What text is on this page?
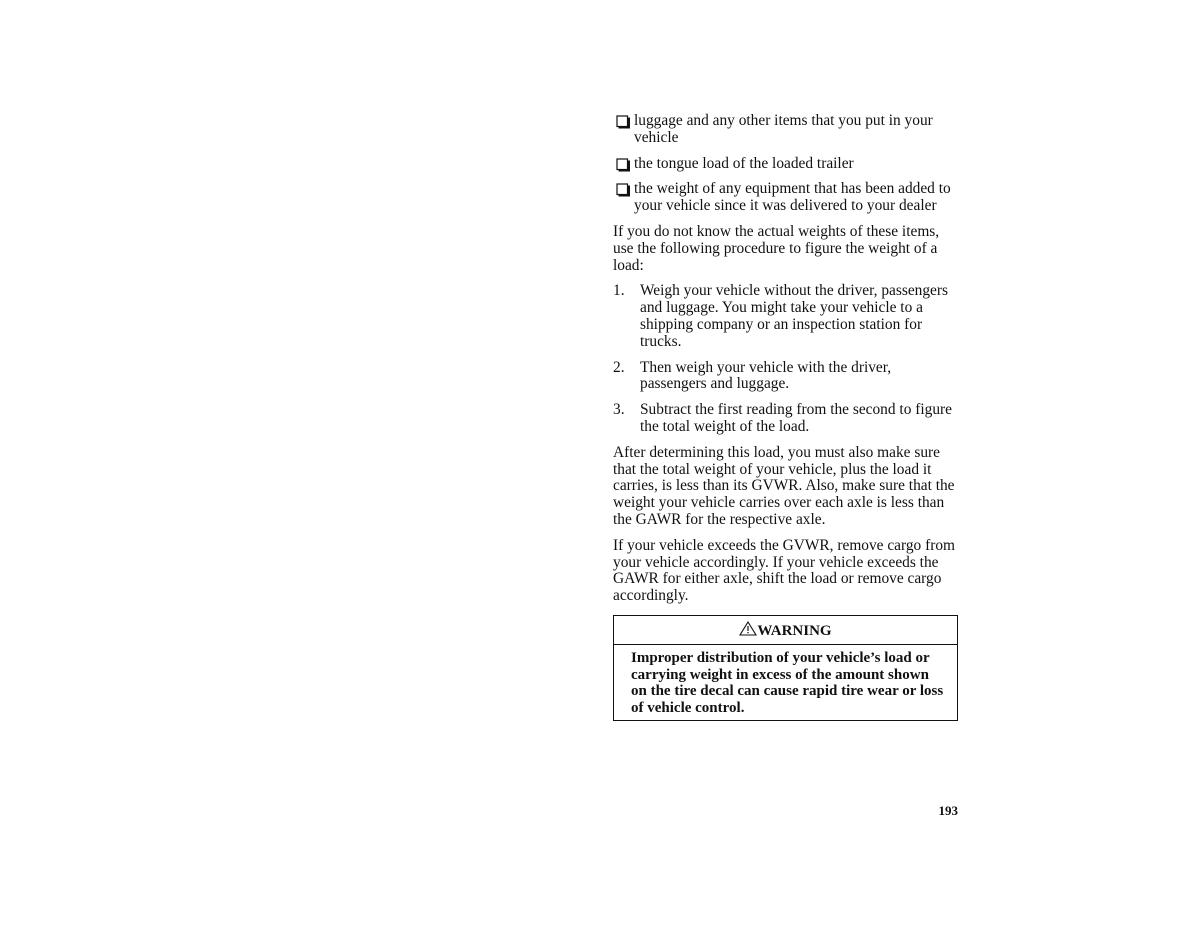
luggage and any other items that you put in your vehicle
the tongue load of the loaded trailer
the weight of any equipment that has been added to your vehicle since it was delivered to your dealer

If you do not know the actual weights of these items, use the following procedure to figure the weight of a load:

1. Weigh your vehicle without the driver, passengers and luggage. You might take your vehicle to a shipping company or an inspection station for trucks.
2. Then weigh your vehicle with the driver, passengers and luggage.
3. Subtract the first reading from the second to figure the total weight of the load.

After determining this load, you must also make sure that the total weight of your vehicle, plus the load it carries, is less than its GVWR. Also, make sure that the weight your vehicle carries over each axle is less than the GAWR for the respective axle.

If your vehicle exceeds the GVWR, remove cargo from your vehicle accordingly. If your vehicle exceeds the GAWR for either axle, shift the load or remove cargo accordingly.

WARNING
Improper distribution of your vehicle’s load or carrying weight in excess of the amount shown on the tire decal can cause rapid tire wear or loss of vehicle control.
193
